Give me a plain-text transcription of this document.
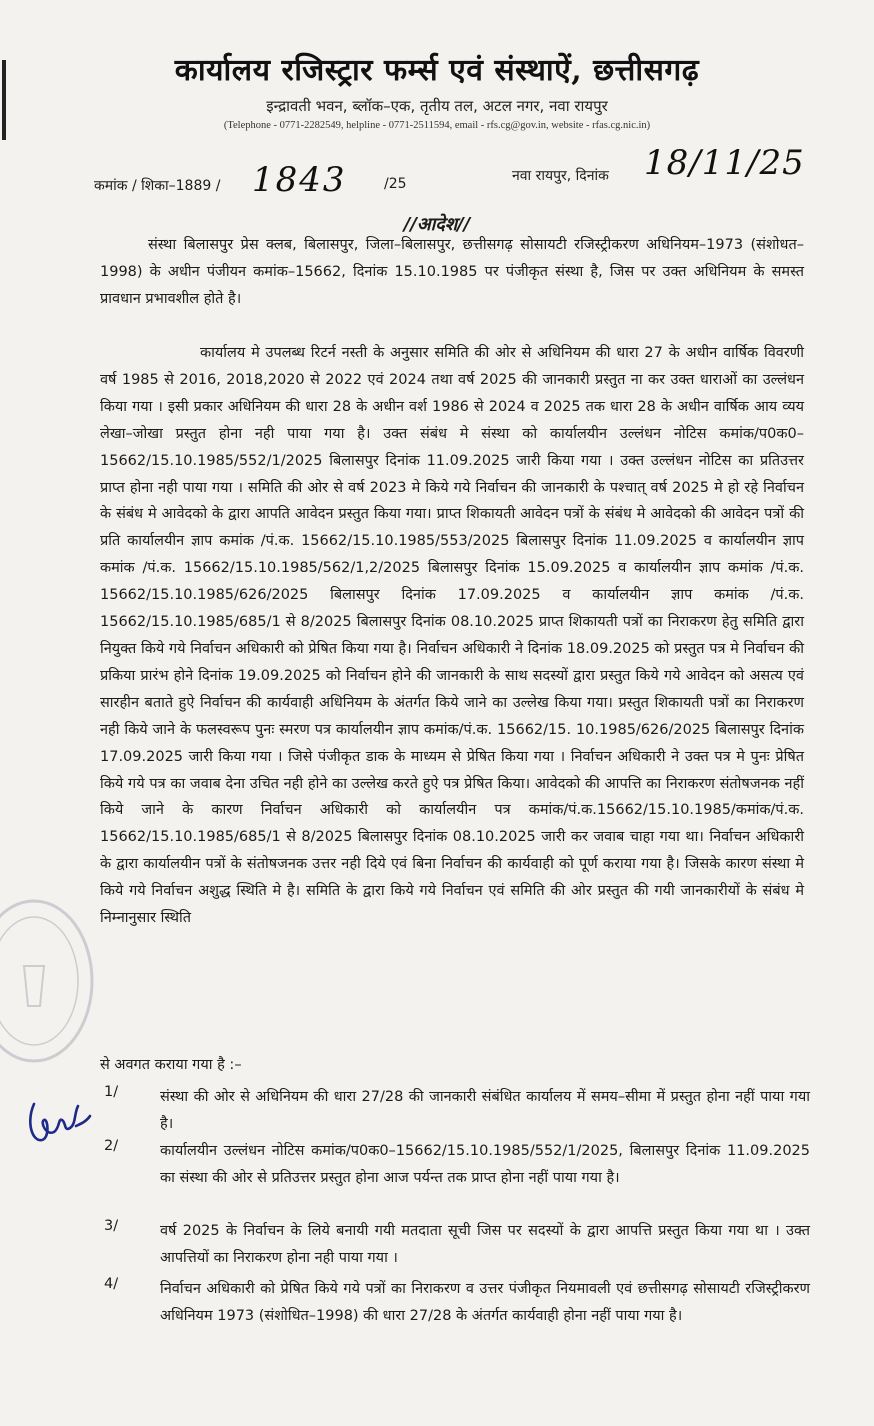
कार्यालय रजिस्ट्रार फर्म्स एवं संस्थाऐं, छत्तीसगढ़
इन्द्रावती भवन, ब्लॉक–एक, तृतीय तल, अटल नगर, नवा रायपुर
(Telephone - 0771-2282549, helpline - 0771-2511594, email - rfs.cg@gov.in, website - rfas.cg.nic.in)
कमांक / शिका–1889 / 1843	/25	नवा रायपुर, दिनांक 18/11/25
//आदेश//
संस्था बिलासपुर प्रेस क्लब, बिलासपुर, जिला–बिलासपुर, छत्तीसगढ़ सोसायटी रजिस्ट्रीकरण अधिनियम–1973 (संशोधत–1998) के अधीन पंजीयन कमांक–15662, दिनांक 15.10.1985 पर पंजीकृत संस्था है, जिस पर उक्त अधिनियम के समस्त प्रावधान प्रभावशील होते है।
कार्यालय मे उपलब्ध रिटर्न नस्ती के अनुसार समिति की ओर से अधिनियम की धारा 27 के अधीन वार्षिक विवरणी वर्ष 1985 से 2016, 2018,2020 से 2022 एवं 2024 तथा वर्ष 2025 की जानकारी प्रस्तुत ना कर उक्त धाराओं का उल्लंधन किया गया । इसी प्रकार अधिनियम की धारा 28 के अधीन वर्श 1986 से 2024 व 2025 तक धारा 28 के अधीन वार्षिक आय व्यय लेखा–जोखा प्रस्तुत होना नही पाया गया है। उक्त संबंध मे संस्था को कार्यालयीन उल्लंधन नोटिस कमांक/प0क0–15662/15.10.1985/552/1/2025 बिलासपुर दिनांक 11.09.2025 जारी किया गया । उक्त उल्लंधन नोटिस का प्रतिउत्तर प्राप्त होना नही पाया गया । समिति की ओर से वर्ष 2023 मे किये गये निर्वाचन की जानकारी के पश्चात् वर्ष 2025 मे हो रहे निर्वाचन के संबंध मे आवेदको के द्वारा आपति आवेदन प्रस्तुत किया गया। प्राप्त शिकायती आवेदन पत्रों के संबंध मे आवेदको की आवेदन पत्रों की प्रति कार्यालयीन ज्ञाप कमांक /पं.क. 15662/15.10.1985/553/2025 बिलासपुर दिनांक 11.09.2025 व कार्यालयीन ज्ञाप कमांक /पं.क. 15662/15.10.1985/562/1,2/2025 बिलासपुर दिनांक 15.09.2025 व कार्यालयीन ज्ञाप कमांक /पं.क. 15662/15.10.1985/626/2025 बिलासपुर दिनांक 17.09.2025 व कार्यालयीन ज्ञाप कमांक /पं.क. 15662/15.10.1985/685/1 से 8/2025 बिलासपुर दिनांक 08.10.2025 प्राप्त शिकायती पत्रों का निराकरण हेतु समिति द्वारा नियुक्त किये गये निर्वाचन अधिकारी को प्रेषित किया गया है। निर्वाचन अधिकारी ने दिनांक 18.09.2025 को प्रस्तुत पत्र मे निर्वाचन की प्रकिया प्रारंभ होने दिनांक 19.09.2025 को निर्वाचन होने की जानकारी के साथ सदस्यों द्वारा प्रस्तुत किये गये आवेदन को असत्य एवं सारहीन बताते हुऐ निर्वाचन की कार्यवाही अधिनियम के अंतर्गत किये जाने का उल्लेख किया गया। प्रस्तुत शिकायती पत्रों का निराकरण नही किये जाने के फलस्वरूप पुनः स्मरण पत्र कार्यालयीन ज्ञाप कमांक/पं.क. 15662/15. 10.1985/626/2025 बिलासपुर दिनांक 17.09.2025 जारी किया गया । जिसे पंजीकृत डाक के माध्यम से प्रेषित किया गया । निर्वाचन अधिकारी ने उक्त पत्र मे पुनः प्रेषित किये गये पत्र का जवाब देना उचित नही होने का उल्लेख करते हुऐ पत्र प्रेषित किया। आवेदको की आपत्ति का निराकरण संतोषजनक नहीं किये जाने के कारण निर्वाचन अधिकारी को कार्यालयीन पत्र कमांक/पं.क.15662/15.10.1985/कमांक/पं.क. 15662/15.10.1985/685/1 से 8/2025 बिलासपुर दिनांक 08.10.2025 जारी कर जवाब चाहा गया था। निर्वाचन अधिकारी के द्वारा कार्यालयीन पत्रों के संतोषजनक उत्तर नही दिये एवं बिना निर्वाचन की कार्यवाही को पूर्ण कराया गया है। जिसके कारण संस्था मे किये गये निर्वाचन अशुद्ध स्थिति मे है। समिति के द्वारा किये गये निर्वाचन एवं समिति की ओर प्रस्तुत की गयी जानकारीयों के संबंध मे निम्नानुसार स्थिति
से अवगत कराया गया है :–
1/	संस्था की ओर से अधिनियम की धारा 27/28 की जानकारी संबंधित कार्यालय में समय–सीमा में प्रस्तुत होना नहीं पाया गया है।
2/	कार्यालयीन उल्लंधन नोटिस कमांक/प0क0–15662/15.10.1985/552/1/2025, बिलासपुर दिनांक 11.09.2025 का संस्था की ओर से प्रतिउत्तर प्रस्तुत होना आज पर्यन्त तक प्राप्त होना नहीं पाया गया है।
3/	वर्ष 2025 के निर्वाचन के लिये बनायी गयी मतदाता सूची जिस पर सदस्यों के द्वारा आपत्ति प्रस्तुत किया गया था । उक्त आपत्तियों का निराकरण होना नही पाया गया ।
4/	निर्वाचन अधिकारी को प्रेषित किये गये पत्रों का निराकरण व उत्तर पंजीकृत नियमावली एवं छत्तीसगढ़ सोसायटी रजिस्ट्रीकरण अधिनियम 1973 (संशोधित–1998) की धारा 27/28 के अंतर्गत कार्यवाही होना नहीं पाया गया है।
